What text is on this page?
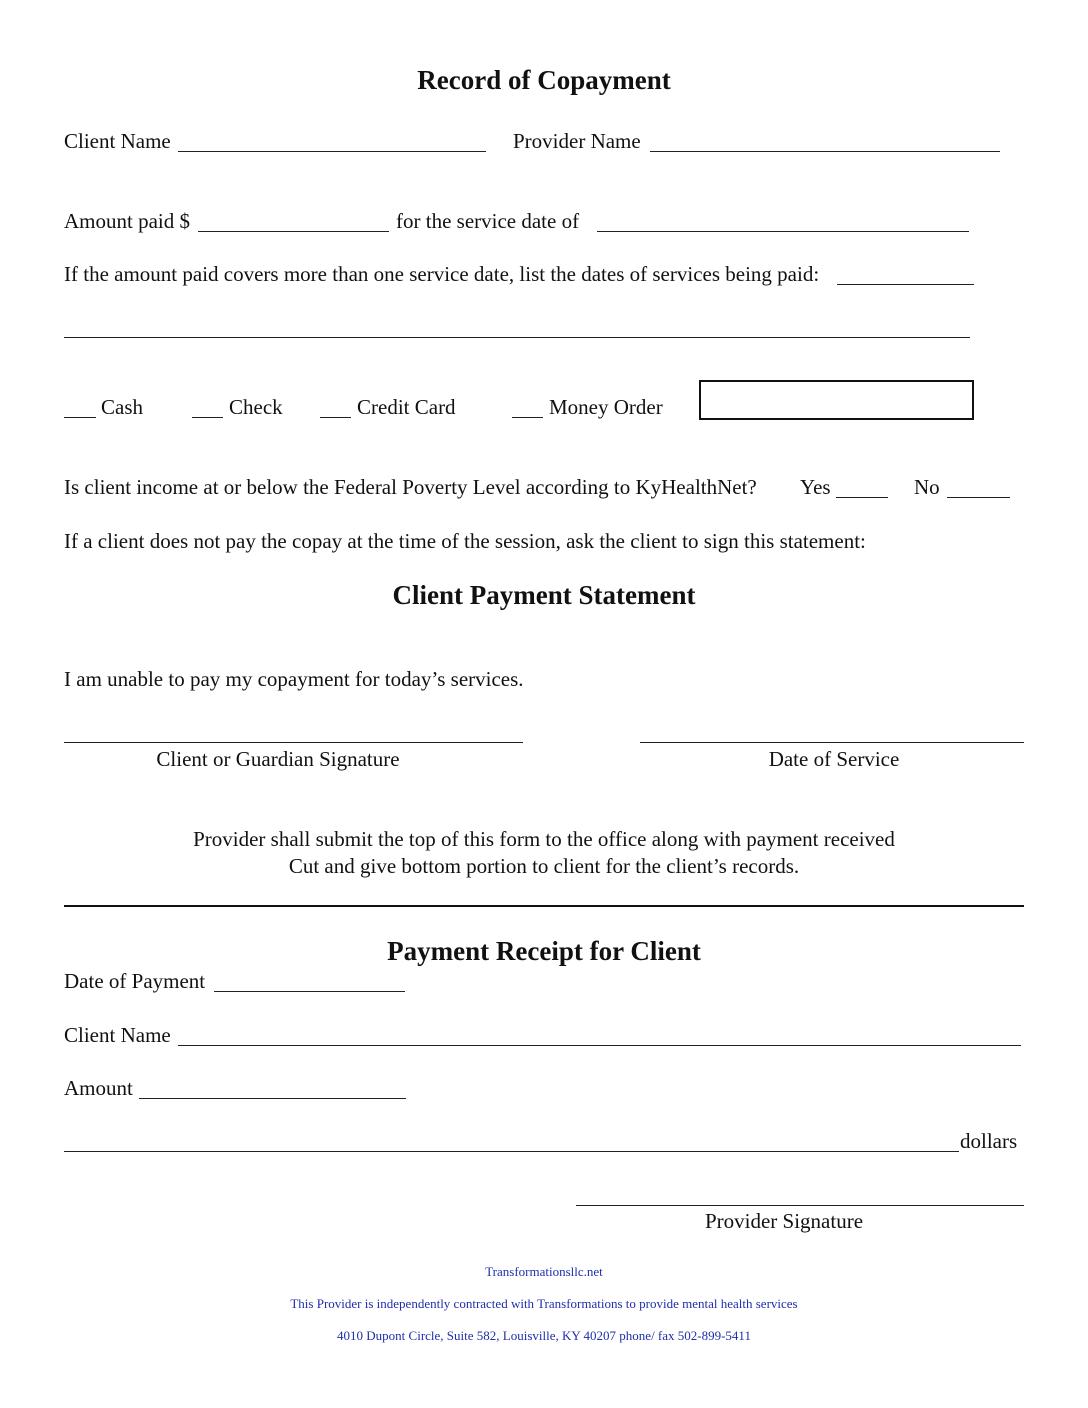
Record of Copayment
Client Name	Provider Name
Amount paid $	for the service date of
If the amount paid covers more than one service date, list the dates of services being paid:
Cash	Check	Credit Card	Money Order
Is client income at or below the Federal Poverty Level according to KyHealthNet? Yes	No
If a client does not pay the copay at the time of the session, ask the client to sign this statement:
Client Payment Statement
I am unable to pay my copayment for today’s services.
Client or Guardian Signature	Date of Service
Provider shall submit the top of this form to the office along with payment received
Cut and give bottom portion to client for the client’s records.
Payment Receipt for Client
Date of Payment
Client Name
Amount
dollars
Provider Signature
Transformationsllc.net
This Provider is independently contracted with Transformations to provide mental health services
4010 Dupont Circle, Suite 582, Louisville, KY 40207 phone/ fax 502-899-5411
